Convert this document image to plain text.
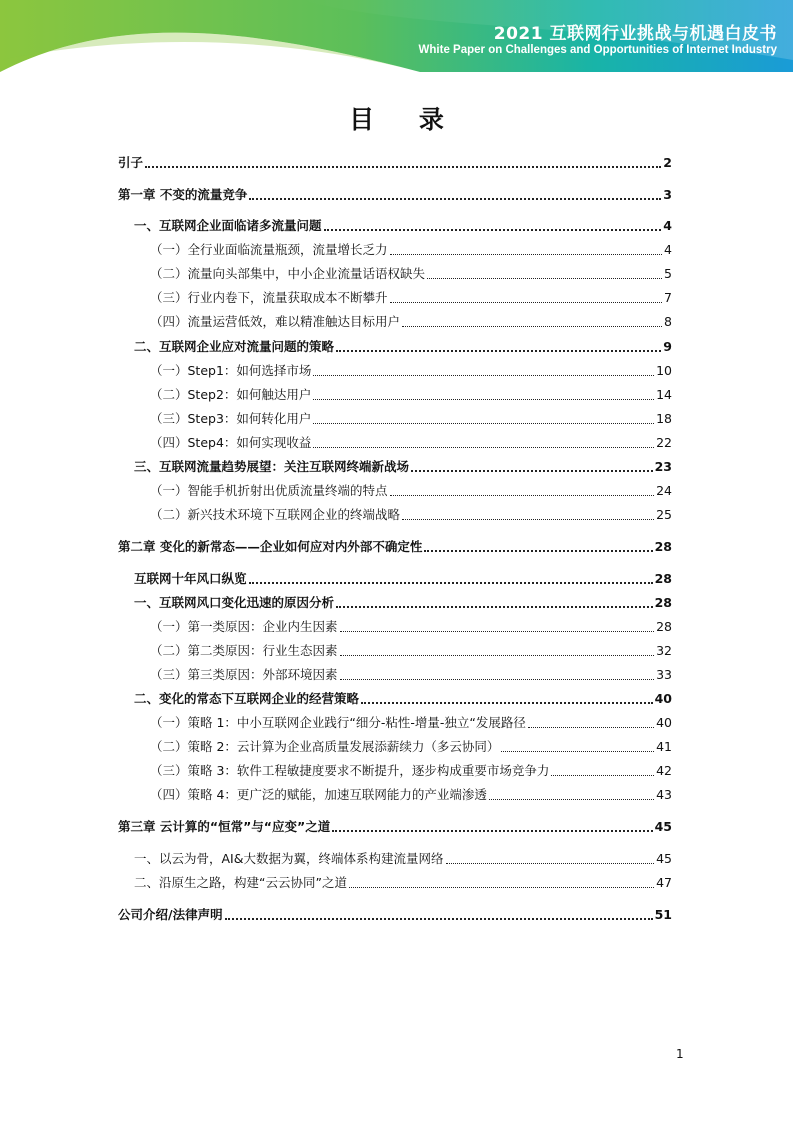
2021 互联网行业挑战与机遇白皮书
White Paper on Challenges and Opportunities of Internet Industry
目 录
引子	2
第一章 不变的流量竞争	3
一、互联网企业面临诸多流量问题	4
（一）全行业面临流量瓶颈，流量增长乏力	4
（二）流量向头部集中，中小企业流量话语权缺失	5
（三）行业内卷下，流量获取成本不断攀升	7
（四）流量运营低效，难以精准触达目标用户	8
二、互联网企业应对流量问题的策略	9
（一）Step1：如何选择市场	10
（二）Step2：如何触达用户	14
（三）Step3：如何转化用户	18
（四）Step4：如何实现收益	22
三、互联网流量趋势展望：关注互联网终端新战场	23
（一）智能手机折射出优质流量终端的特点	24
（二）新兴技术环境下互联网企业的终端战略	25
第二章 变化的新常态——企业如何应对内外部不确定性	28
互联网十年风口纵览	28
一、互联网风口变化迅速的原因分析	28
（一）第一类原因：企业内生因素	28
（二）第二类原因：行业生态因素	32
（三）第三类原因：外部环境因素	33
二、变化的常态下互联网企业的经营策略	40
（一）策略 1：中小互联网企业践行“细分-粘性-增量-独立“发展路径	40
（二）策略 2：云计算为企业高质量发展添薪续力（多云协同）	41
（三）策略 3：软件工程敏捷度要求不断提升，逐步构成重要市场竞争力	42
（四）策略 4：更广泛的赋能，加速互联网能力的产业端渗透	43
第三章 云计算的“恒常”与“应变”之道	45
一、以云为骨，AI&大数据为翼，终端体系构建流量网络	45
二、沿原生之路，构建“云云协同”之道	47
公司介绍/法律声明	51
1
